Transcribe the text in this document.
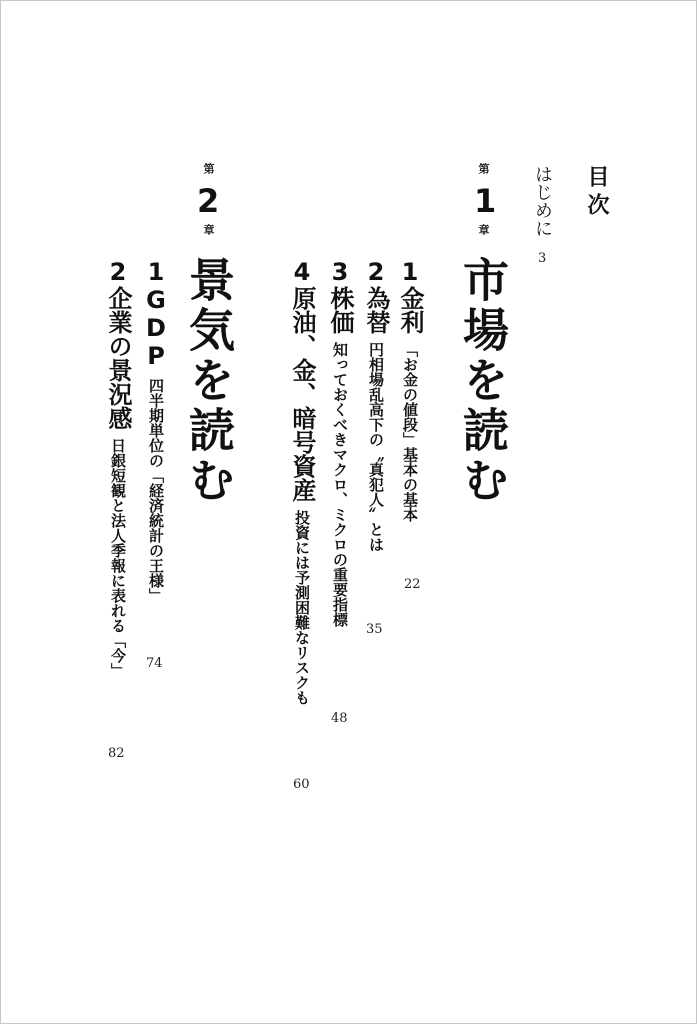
目次
はじめに
3
第
1
章
市場を読む
1金利「お金の値段」基本の基本
22
2為替円相場乱高下の〝真犯人〟とは
35
3株価知っておくべきマクロ、ミクロの重要指標
48
4原油、金、暗号資産投資には予測困難なリスクも
60
第
2
章
景気を読む
1GDP四半期単位の「経済統計の王様」
74
2企業の景況感日銀短観と法人季報に表れる「今」
82
